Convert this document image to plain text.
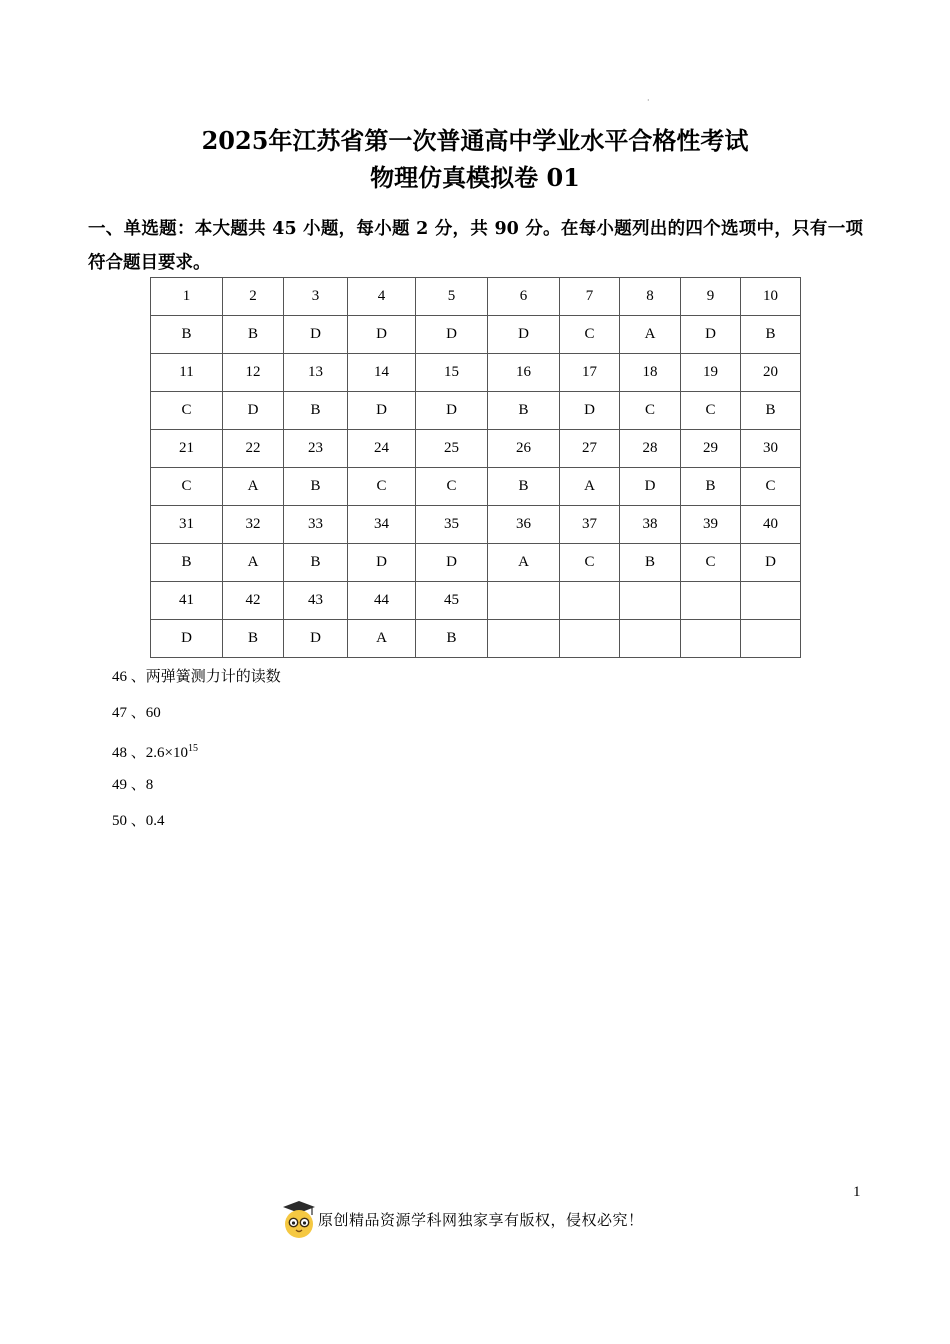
·
2025年江苏省第一次普通高中学业水平合格性考试
物理仿真模拟卷 01
一、单选题：本大题共 45 小题，每小题 2 分，共 90 分。在每小题列出的四个选项中，只有一项符合题目要求。
1	2	3	4	5	6	7	8	9	10
B	B	D	D	D	D	C	A	D	B
11	12	13	14	15	16	17	18	19	20
C	D	B	D	D	B	D	C	C	B
21	22	23	24	25	26	27	28	29	30
C	A	B	C	C	B	A	D	B	C
31	32	33	34	35	36	37	38	39	40
B	A	B	D	D	A	C	B	C	D
41	42	43	44	45					
D	B	D	A	B					
46 、两弹簧测力计的读数
47 、60
48 、$2.6\times 10^{15}$
49 、8
50 、0.4
1
原创精品资源学科网独家享有版权，侵权必究！
